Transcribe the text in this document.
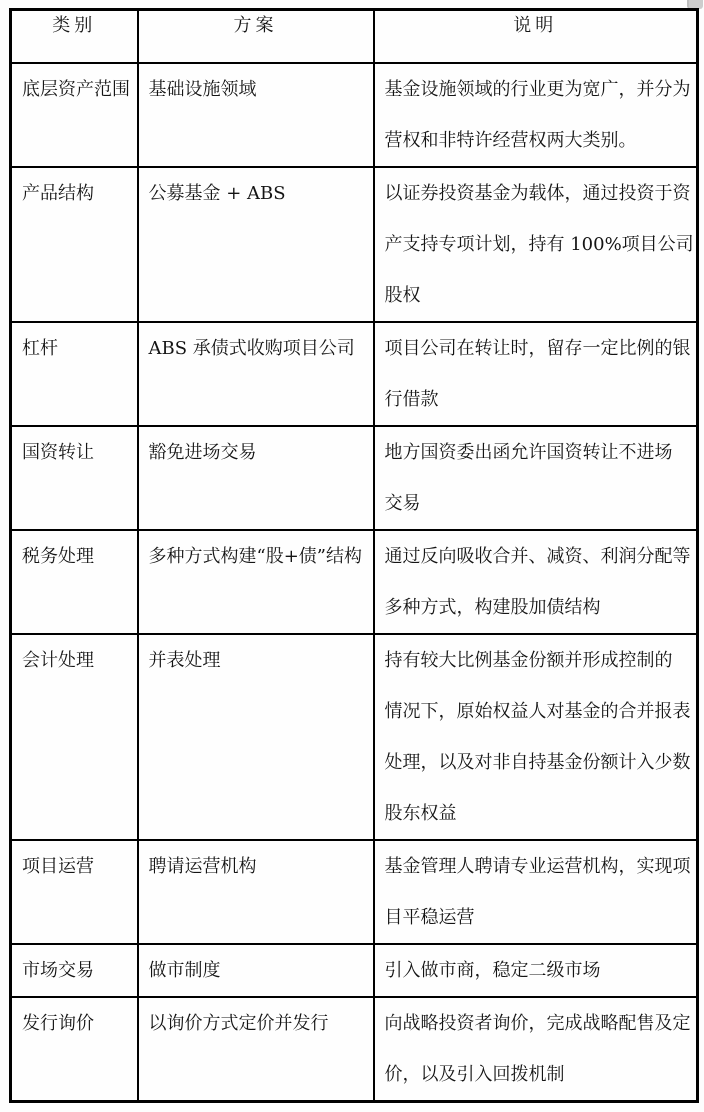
类别	方案	说明

底层资产范围	基础设施领域	基金设施领域的行业更为宽广，并分为
营权和非特许经营权两大类别。

产品结构	公募基金 + ABS	以证券投资基金为载体，通过投资于资
产支持专项计划，持有 100%项目公司
股权

杠杆	ABS 承债式收购项目公司	项目公司在转让时，留存一定比例的银
行借款

国资转让	豁免进场交易	地方国资委出函允许国资转让不进场
交易

税务处理	多种方式构建“股+债”结构	通过反向吸收合并、减资、利润分配等
多种方式，构建股加债结构

会计处理	并表处理	持有较大比例基金份额并形成控制的
情况下，原始权益人对基金的合并报表
处理，以及对非自持基金份额计入少数
股东权益

项目运营	聘请运营机构	基金管理人聘请专业运营机构，实现项
目平稳运营

市场交易	做市制度	引入做市商，稳定二级市场

发行询价	以询价方式定价并发行	向战略投资者询价，完成战略配售及定
价，以及引入回拨机制
